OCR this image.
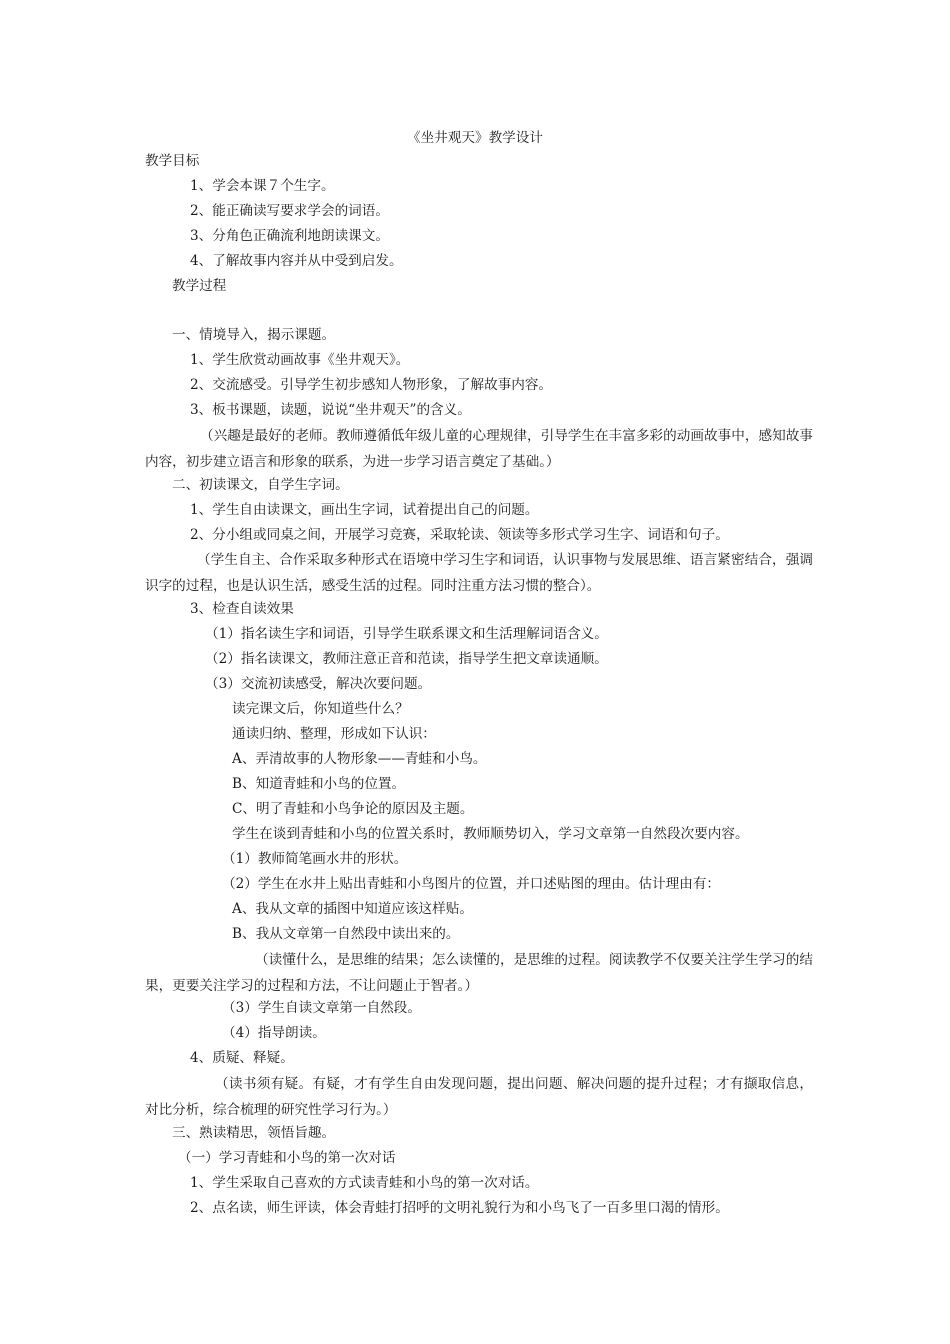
《坐井观天》教学设计
教学目标
1、学会本课７个生字。
2、能正确读写要求学会的词语。
3、分角色正确流利地朗读课文。
4、了解故事内容并从中受到启发。
教学过程
一、情境导入，揭示课题。
1、学生欣赏动画故事《坐井观天》。
2、交流感受。引导学生初步感知人物形象，了解故事内容。
3、板书课题，读题，说说“坐井观天”的含义。
（兴趣是最好的老师。教师遵循低年级儿童的心理规律，引导学生在丰富多彩的动画故事中，感知故事内容，初步建立语言和形象的联系，为进一步学习语言奠定了基础。）
二、初读课文，自学生字词。
1、学生自由读课文，画出生字词，试着提出自己的问题。
2、分小组或同桌之间，开展学习竞赛，采取轮读、领读等多形式学习生字、词语和句子。
（学生自主、合作采取多种形式在语境中学习生字和词语，认识事物与发展思维、语言紧密结合，强调识字的过程，也是认识生活，感受生活的过程。同时注重方法习惯的整合）。
3、检查自读效果
（1）指名读生字和词语，引导学生联系课文和生活理解词语含义。
（2）指名读课文，教师注意正音和范读，指导学生把文章读通顺。
（3）交流初读感受，解决次要问题。
读完课文后，你知道些什么？
通读归纳、整理，形成如下认识：
A、弄清故事的人物形象——青蛙和小鸟。
B、知道青蛙和小鸟的位置。
C、明了青蛙和小鸟争论的原因及主题。
学生在谈到青蛙和小鸟的位置关系时，教师顺势切入，学习文章第一自然段次要内容。
（1）教师简笔画水井的形状。
（2）学生在水井上贴出青蛙和小鸟图片的位置，并口述贴图的理由。估计理由有：
A、我从文章的插图中知道应该这样贴。
B、我从文章第一自然段中读出来的。
（读懂什么，是思维的结果；怎么读懂的，是思维的过程。阅读教学不仅要关注学生学习的结果，更要关注学习的过程和方法，不让问题止于智者。）
（3）学生自读文章第一自然段。
（4）指导朗读。
4、质疑、释疑。
（读书须有疑。有疑，才有学生自由发现问题，提出问题、解决问题的提升过程；才有撷取信息，对比分析，综合梳理的研究性学习行为。）
三、熟读精思，领悟旨趣。
（一）学习青蛙和小鸟的第一次对话
1、学生采取自己喜欢的方式读青蛙和小鸟的第一次对话。
2、点名读，师生评读，体会青蛙打招呼的文明礼貌行为和小鸟飞了一百多里口渴的情形。
